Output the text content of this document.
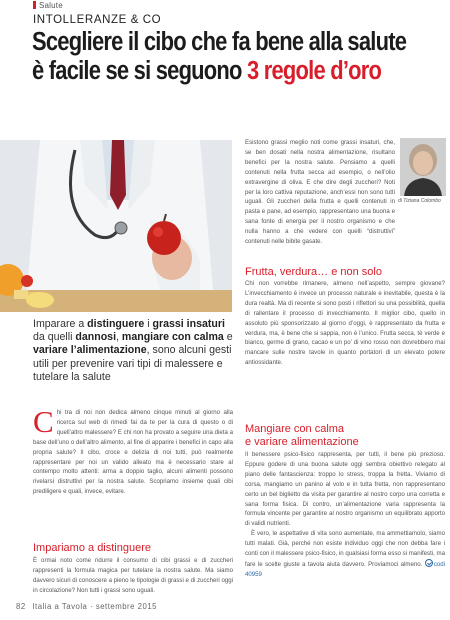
Salute
INTOLLERANZE & CO
Scegliere il cibo che fa bene alla salute
è facile se si seguono 3 regole d’oro
Imparare a distinguere i grassi insaturi da quelli dannosi, mangiare con calma e variare l’alimentazione, sono alcuni gesti utili per prevenire vari tipi di malessere e tutelare la salute
C hi tra di noi non dedica almeno cinque minuti al giorno alla ricerca sul web di rimedi fai da te per la cura di questo o di quell’altro malessere? E chi non ha provato a seguire una dieta a base dell’uno o dell’altro alimento, al fine di apparire i benefici in capo alla propria salute? Il cibo, croce e delizia di noi tutti, può realmente rappresentare per noi un valido alleato ma è necessario stare al contempo molto attenti: arma a doppio taglio, alcuni alimenti possono rivelarsi distruttivi per la nostra salute. Scopriamo insieme quali cibi prediligere e quali, invece, evitare.

Impariamo a distinguere

È ormai noto come ridurre il consumo di cibi grassi e di zuccheri rappresenti la formula magica per tutelare la nostra salute. Ma siamo davvero sicuri di conoscere a pieno le tipologie di grassi e di zuccheri oggi in circolazione? Non tutti i grassi sono uguali.

Esistono grassi meglio noti come grassi insaturi, che, se ben dosati nella nostra alimentazione, risultano benefici per la nostra salute. Pensiamo a quelli contenuti nella frutta secca ad esempio, o nell’olio extravergine di oliva. E che dire degli zuccheri? Noti per la loro cattiva reputazione, anch’essi non sono tutti uguali. Gli zuccheri della frutta e quelli contenuti in pasta e pane, ad esempio, rappresentano una buona e sana fonte di energia per il nostro organismo e che nulla hanno a che vedere con quelli “distruttivi” contenuti nelle bibite gasate.

di Tiziana Colombo
Frutta, verdura… e non solo

Chi non vorrebbe rimanere, almeno nell’aspetto, sempre giovane? L’invecchiamento è invece un processo naturale e inevitabile, questa è la dura realtà. Ma di recente si sono posti i riflettori su una possibilità, quella di rallentare il processo di invecchiamento. Il miglior cibo, quello in assoluto più sponsorizzato al giorno d’oggi, è rappresentato da frutta e verdura, ma, è bene che si sappia, non è l’unico. Frutta secca, tè verde e bianco, germe di grano, cacao e un po’ di vino rosso non dovrebbero mai mancare sulle nostre tavole in quanto portatori di un elevato potere antiossidante.

Mangiare con calma
e variare alimentazione

Il benessere psico-fisico rappresenta, per tutti, il bene più prezioso. Eppure godere di una buona salute oggi sembra obiettivo relegato al piano delle fantascienza: troppo lo stress, troppa la fretta. Viviamo di corsa, mangiamo un panino al volo e in tutta fretta, non rappresentano certo un bel biglietto da visita per garantire al nostro corpo una corretta e sana forma fisica. Di contro, un’alimentazione varia rappresenta la formula vincente per garantire al nostro organismo un equilibrato apporto di validi nutrienti.

È vero, le aspettative di vita sono aumentate, ma ammettiamolo, siamo tutti malati. Già, perché non esiste individuo oggi che non debba fare i conti con il malessere psico-fisico, in qualsiasi forma esso si manifesti, ma fare le scelte giuste a tavola aiuta davvero. Proviamoci almeno. codi 40959

82 Italia a Tavola · settembre 2015
